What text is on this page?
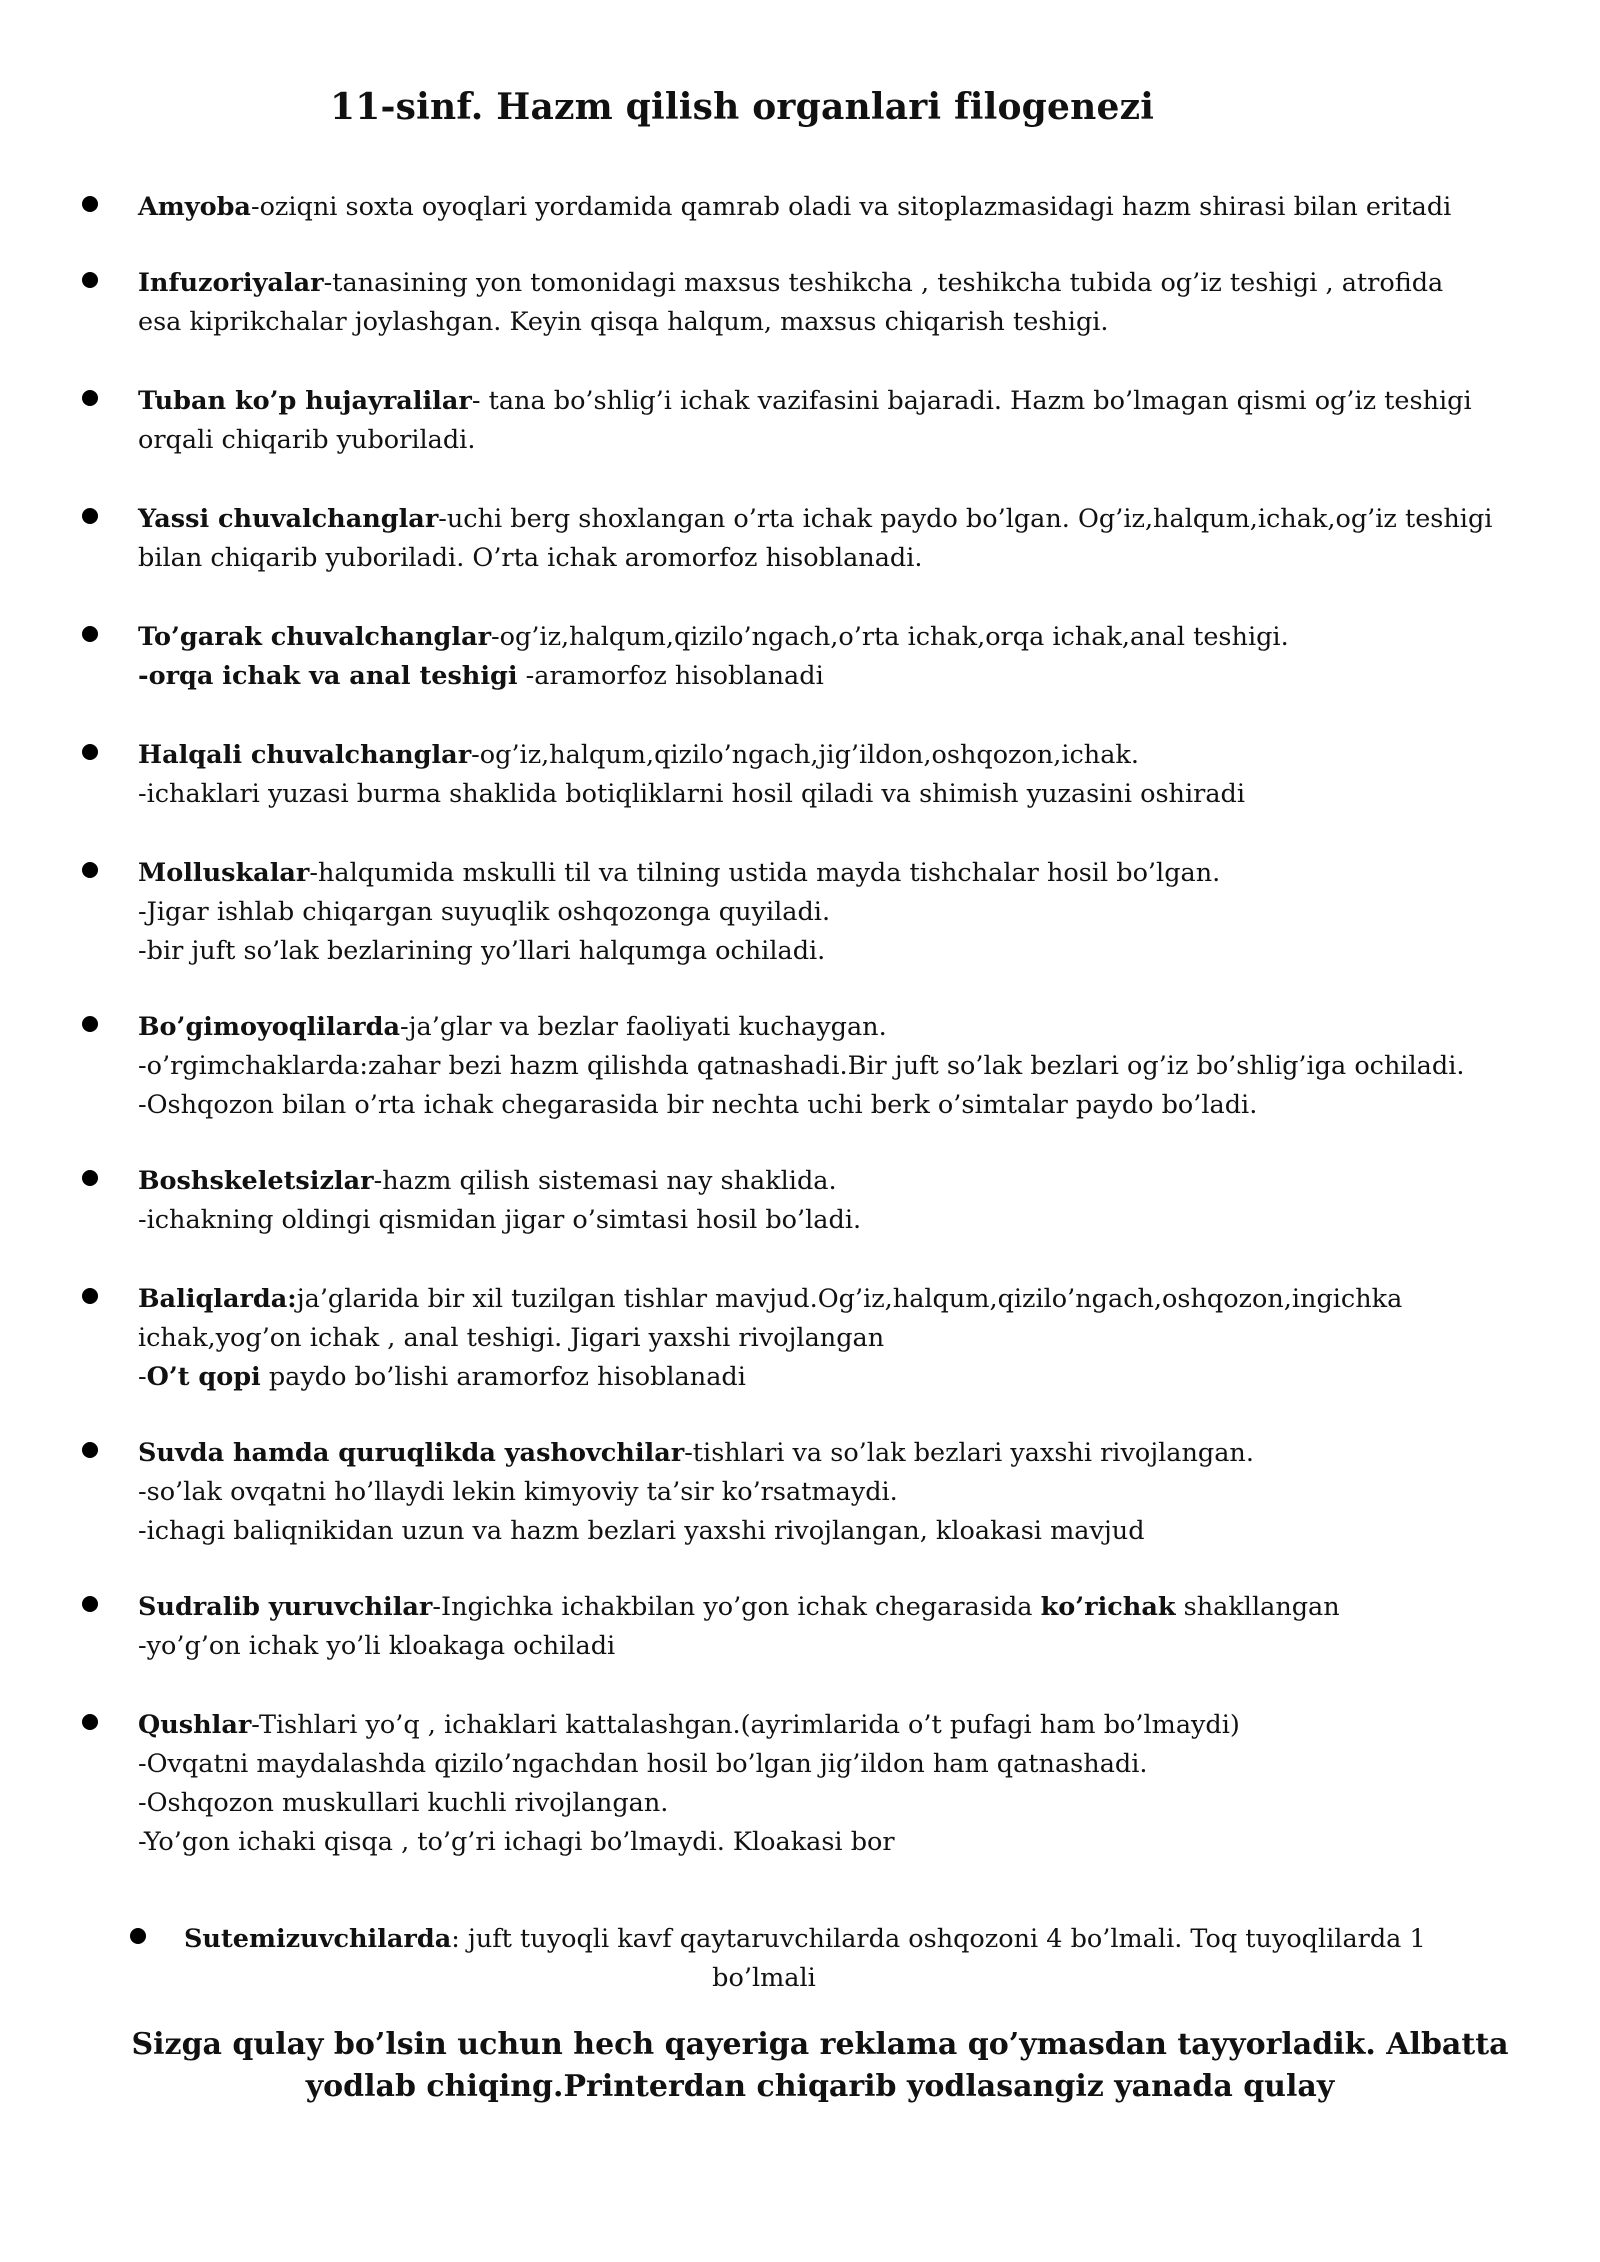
11-sinf. Hazm qilish organlari filogenezi
Amyoba-oziqni soxta oyoqlari yordamida qamrab oladi va sitoplazmasidagi hazm shirasi bilan eritadi
Infuzoriyalar-tanasining yon tomonidagi maxsus teshikcha , teshikcha tubida og’iz teshigi , atrofida
esa kiprikchalar joylashgan. Keyin qisqa halqum, maxsus chiqarish teshigi.
Tuban ko’p hujayralilar- tana bo’shlig’i ichak vazifasini bajaradi. Hazm bo’lmagan qismi og’iz teshigi
orqali chiqarib yuboriladi.
Yassi chuvalchanglar-uchi berg shoxlangan o’rta ichak paydo bo’lgan. Og’iz,halqum,ichak,og’iz teshigi
bilan chiqarib yuboriladi. O’rta ichak aromorfoz hisoblanadi.
To’garak chuvalchanglar-og’iz,halqum,qizilo’ngach,o’rta ichak,orqa ichak,anal teshigi.
-orqa ichak va anal teshigi -aramorfoz hisoblanadi
Halqali chuvalchanglar-og’iz,halqum,qizilo’ngach,jig’ildon,oshqozon,ichak.
-ichaklari yuzasi burma shaklida botiqliklarni hosil qiladi va shimish yuzasini oshiradi
Molluskalar-halqumida mskulli til va tilning ustida mayda tishchalar hosil bo’lgan.
-Jigar ishlab chiqargan suyuqlik oshqozonga quyiladi.
-bir juft so’lak bezlarining yo’llari halqumga ochiladi.
Bo’gimoyoqlilarda-ja’glar va bezlar faoliyati kuchaygan.
-o’rgimchaklarda:zahar bezi hazm qilishda qatnashadi.Bir juft so’lak bezlari og’iz bo’shlig’iga ochiladi.
-Oshqozon bilan o’rta ichak chegarasida bir nechta uchi berk o’simtalar paydo bo’ladi.
Boshskeletsizlar-hazm qilish sistemasi nay shaklida.
-ichakning oldingi qismidan jigar o’simtasi hosil bo’ladi.
Baliqlarda:ja’glarida bir xil tuzilgan tishlar mavjud.Og’iz,halqum,qizilo’ngach,oshqozon,ingichka
ichak,yog’on ichak , anal teshigi. Jigari yaxshi rivojlangan
-O’t qopi paydo bo’lishi aramorfoz hisoblanadi
Suvda hamda quruqlikda yashovchilar-tishlari va so’lak bezlari yaxshi rivojlangan.
-so’lak ovqatni ho’llaydi lekin kimyoviy ta’sir ko’rsatmaydi.
-ichagi baliqnikidan uzun va hazm bezlari yaxshi rivojlangan, kloakasi mavjud
Sudralib yuruvchilar-Ingichka ichakbilan yo’gon ichak chegarasida ko’richak shakllangan
-yo’g’on ichak yo’li kloakaga ochiladi
Qushlar-Tishlari yo’q , ichaklari kattalashgan.(ayrimlarida o’t pufagi ham bo’lmaydi)
-Ovqatni maydalashda qizilo’ngachdan hosil bo’lgan jig’ildon ham qatnashadi.
-Oshqozon muskullari kuchli rivojlangan.
-Yo’gon ichaki qisqa , to’g’ri ichagi bo’lmaydi. Kloakasi bor
Sutemizuvchilarda: juft tuyoqli kavf qaytaruvchilarda oshqozoni 4 bo’lmali. Toq tuyoqlilarda 1
bo’lmali
Sizga qulay bo’lsin uchun hech qayeriga reklama qo’ymasdan tayyorladik. Albatta
yodlab chiqing.Printerdan chiqarib yodlasangiz yanada qulay
